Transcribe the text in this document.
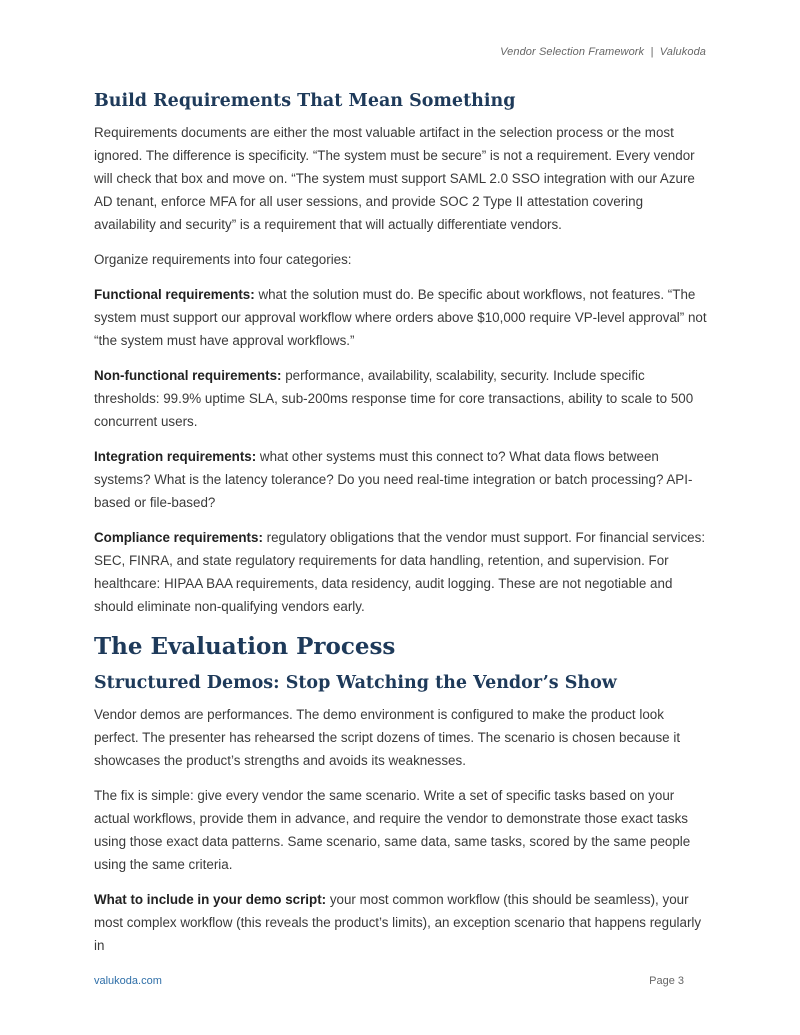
Vendor Selection Framework  |  Valukoda
Build Requirements That Mean Something

Requirements documents are either the most valuable artifact in the selection process or the most ignored. The difference is specificity. “The system must be secure” is not a requirement. Every vendor will check that box and move on. “The system must support SAML 2.0 SSO integration with our Azure AD tenant, enforce MFA for all user sessions, and provide SOC 2 Type II attestation covering availability and security” is a requirement that will actually differentiate vendors.

Organize requirements into four categories:

Functional requirements: what the solution must do. Be specific about workflows, not features. “The system must support our approval workflow where orders above $10,000 require VP-level approval” not “the system must have approval workflows.”

Non-functional requirements: performance, availability, scalability, security. Include specific thresholds: 99.9% uptime SLA, sub-200ms response time for core transactions, ability to scale to 500 concurrent users.

Integration requirements: what other systems must this connect to? What data flows between systems? What is the latency tolerance? Do you need real-time integration or batch processing? API-based or file-based?

Compliance requirements: regulatory obligations that the vendor must support. For financial services: SEC, FINRA, and state regulatory requirements for data handling, retention, and supervision. For healthcare: HIPAA BAA requirements, data residency, audit logging. These are not negotiable and should eliminate non-qualifying vendors early.

The Evaluation Process
Structured Demos: Stop Watching the Vendor’s Show

Vendor demos are performances. The demo environment is configured to make the product look perfect. The presenter has rehearsed the script dozens of times. The scenario is chosen because it showcases the product’s strengths and avoids its weaknesses.

The fix is simple: give every vendor the same scenario. Write a set of specific tasks based on your actual workflows, provide them in advance, and require the vendor to demonstrate those exact tasks using those exact data patterns. Same scenario, same data, same tasks, scored by the same people using the same criteria.

What to include in your demo script: your most common workflow (this should be seamless), your most complex workflow (this reveals the product’s limits), an exception scenario that happens regularly in

valukoda.com	Page 3
